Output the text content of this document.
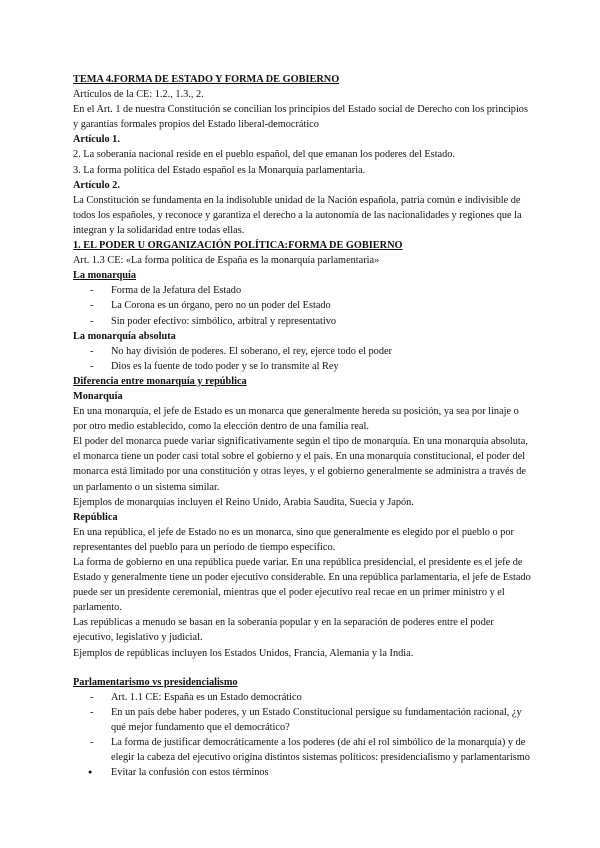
TEMA 4.FORMA DE ESTADO Y FORMA DE GOBIERNO

Artículos de la CE: 1.2., 1.3., 2.

En el Art. 1 de nuestra Constitución se concilian los principios del Estado social de Derecho con los principios y garantías formales propios del Estado liberal-democrático

Artículo 1.

2. La soberanía nacional reside en el pueblo español, del que emanan los poderes del Estado.

3. La forma política del Estado español es la Monarquía parlamentaria.

Artículo 2.

La Constitución se fundamenta en la indisoluble unidad de la Nación española, patria común e indivisible de todos los españoles, y reconoce y garantiza el derecho a la autonomía de las nacionalidades y regiones que la integran y la solidaridad entre todas ellas.

1. EL PODER U ORGANIZACIÓN POLÍTICA:FORMA DE GOBIERNO

Art. 1.3 CE: «La forma política de España es la monarquía parlamentaria»

La monarquía

- Forma de la Jefatura del Estado

- La Corona es un órgano, pero no un poder del Estado

- Sin poder efectivo: simbólico, arbitral y representativo

La monarquía absoluta

- No hay división de poderes. El soberano, el rey, ejerce todo el poder

- Dios es la fuente de todo poder y se lo transmite al Rey

Diferencia entre monarquía y república

Monarquía

En una monarquía, el jefe de Estado es un monarca que generalmente hereda su posición, ya sea por linaje o por otro medio establecido, como la elección dentro de una familia real.

El poder del monarca puede variar significativamente según el tipo de monarquía. En una monarquía absoluta, el monarca tiene un poder casi total sobre el gobierno y el país. En una monarquía constitucional, el poder del monarca está limitado por una constitución y otras leyes, y el gobierno generalmente se administra a través de un parlamento o un sistema similar.

Ejemplos de monarquías incluyen el Reino Unido, Arabia Saudita, Suecia y Japón.

República

En una república, el jefe de Estado no es un monarca, sino que generalmente es elegido por el pueblo o por representantes del pueblo para un período de tiempo específico.

La forma de gobierno en una república puede variar. En una república presidencial, el presidente es el jefe de Estado y generalmente tiene un poder ejecutivo considerable. En una república parlamentaria, el jefe de Estado puede ser un presidente ceremonial, mientras que el poder ejecutivo real recae en un primer ministro y el parlamento.

Las repúblicas a menudo se basan en la soberanía popular y en la separación de poderes entre el poder ejecutivo, legislativo y judicial.

Ejemplos de repúblicas incluyen los Estados Unidos, Francia, Alemania y la India.

Parlamentarismo vs presidencialismo

- Art. 1.1 CE: España es un Estado democrático

- En un país debe haber poderes, y un Estado Constitucional persigue su fundamentación racional, ¿y qué mejor fundamento que el democrático?

- La forma de justificar democráticamente a los poderes (de ahí el rol simbólico de la monarquía) y de elegir la cabeza del ejecutivo origina distintos sistemas políticos: presidencialismo y parlamentarismo

● Evitar la confusión con estos términos
